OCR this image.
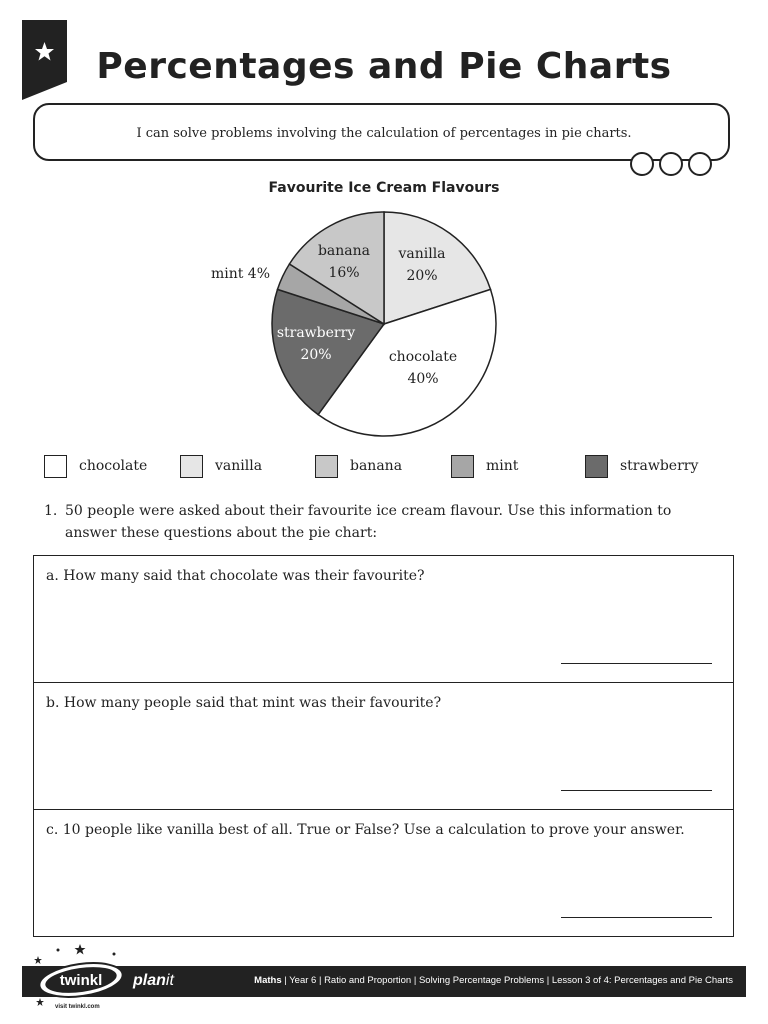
Percentages and Pie Charts
I can solve problems involving the calculation of percentages in pie charts.
Favourite Ice Cream Flavours
vanilla
20%
chocolate
40%
strawberry
20%
mint 4%
banana
16%
chocolate	vanilla	banana	mint	strawberry
1. 50 people were asked about their favourite ice cream flavour. Use this information to
answer these questions about the pie chart:
a. How many said that chocolate was their favourite?
b. How many people said that mint was their favourite?
c. 10 people like vanilla best of all. True or False? Use a calculation to prove your answer.
Maths | Year 6 | Ratio and Proportion | Solving Percentage Problems | Lesson 3 of 4: Percentages and Pie Charts
planit
twinkl
visit twinkl.com
